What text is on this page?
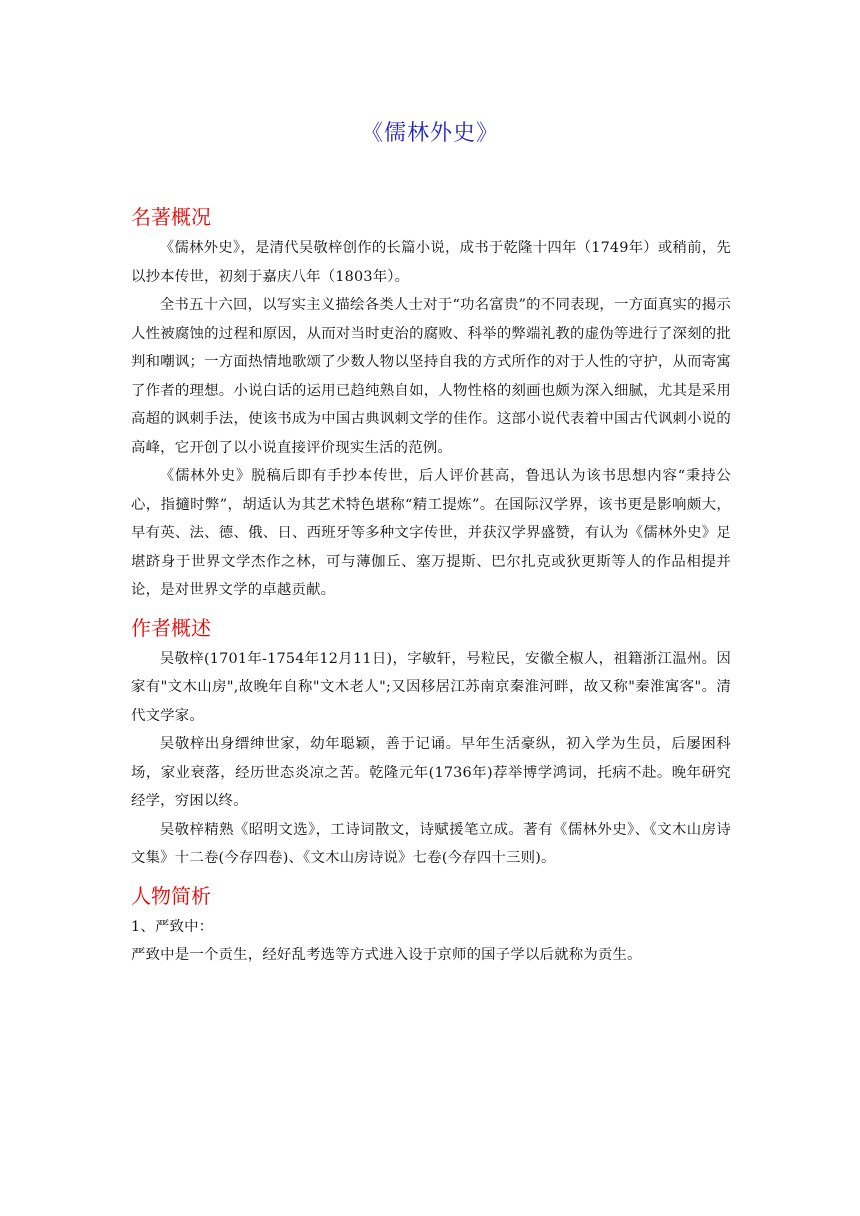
《儒林外史》
名著概况

《儒林外史》，是清代吴敬梓创作的长篇小说，成书于乾隆十四年（1749年）或稍前，先以抄本传世，初刻于嘉庆八年（1803年）。

全书五十六回，以写实主义描绘各类人士对于“功名富贵”的不同表现，一方面真实的揭示人性被腐蚀的过程和原因，从而对当时吏治的腐败、科举的弊端礼教的虚伪等进行了深刻的批判和嘲讽；一方面热情地歌颂了少数人物以坚持自我的方式所作的对于人性的守护，从而寄寓了作者的理想。小说白话的运用已趋纯熟自如，人物性格的刻画也颇为深入细腻，尤其是采用高超的讽刺手法，使该书成为中国古典讽刺文学的佳作。这部小说代表着中国古代讽刺小说的高峰，它开创了以小说直接评价现实生活的范例。

《儒林外史》脱稿后即有手抄本传世，后人评价甚高，鲁迅认为该书思想内容“秉持公心，指擿时弊”，胡适认为其艺术特色堪称“精工提炼”。在国际汉学界，该书更是影响颇大，早有英、法、德、俄、日、西班牙等多种文字传世，并获汉学界盛赞，有认为《儒林外史》足堪跻身于世界文学杰作之林，可与薄伽丘、塞万提斯、巴尔扎克或狄更斯等人的作品相提并论，是对世界文学的卓越贡献。

作者概述

吴敬梓(1701年-1754年12月11日)，字敏轩，号粒民，安徽全椒人，祖籍浙江温州。因家有"文木山房",故晚年自称"文木老人";又因移居江苏南京秦淮河畔，故又称"秦淮寓客"。清代文学家。

吴敬梓出身缙绅世家，幼年聪颖，善于记诵。早年生活豪纵，初入学为生员，后屡困科场，家业衰落，经历世态炎凉之苦。乾隆元年(1736年)荐举博学鸿词，托病不赴。晚年研究经学，穷困以终。

吴敬梓精熟《昭明文选》，工诗词散文，诗赋援笔立成。著有《儒林外史》、《文木山房诗文集》十二卷(今存四卷)、《文木山房诗说》七卷(今存四十三则)。

人物简析

1、严致中：

严致中是一个贡生，经好乱考选等方式进入设于京师的国子学以后就称为贡生。
